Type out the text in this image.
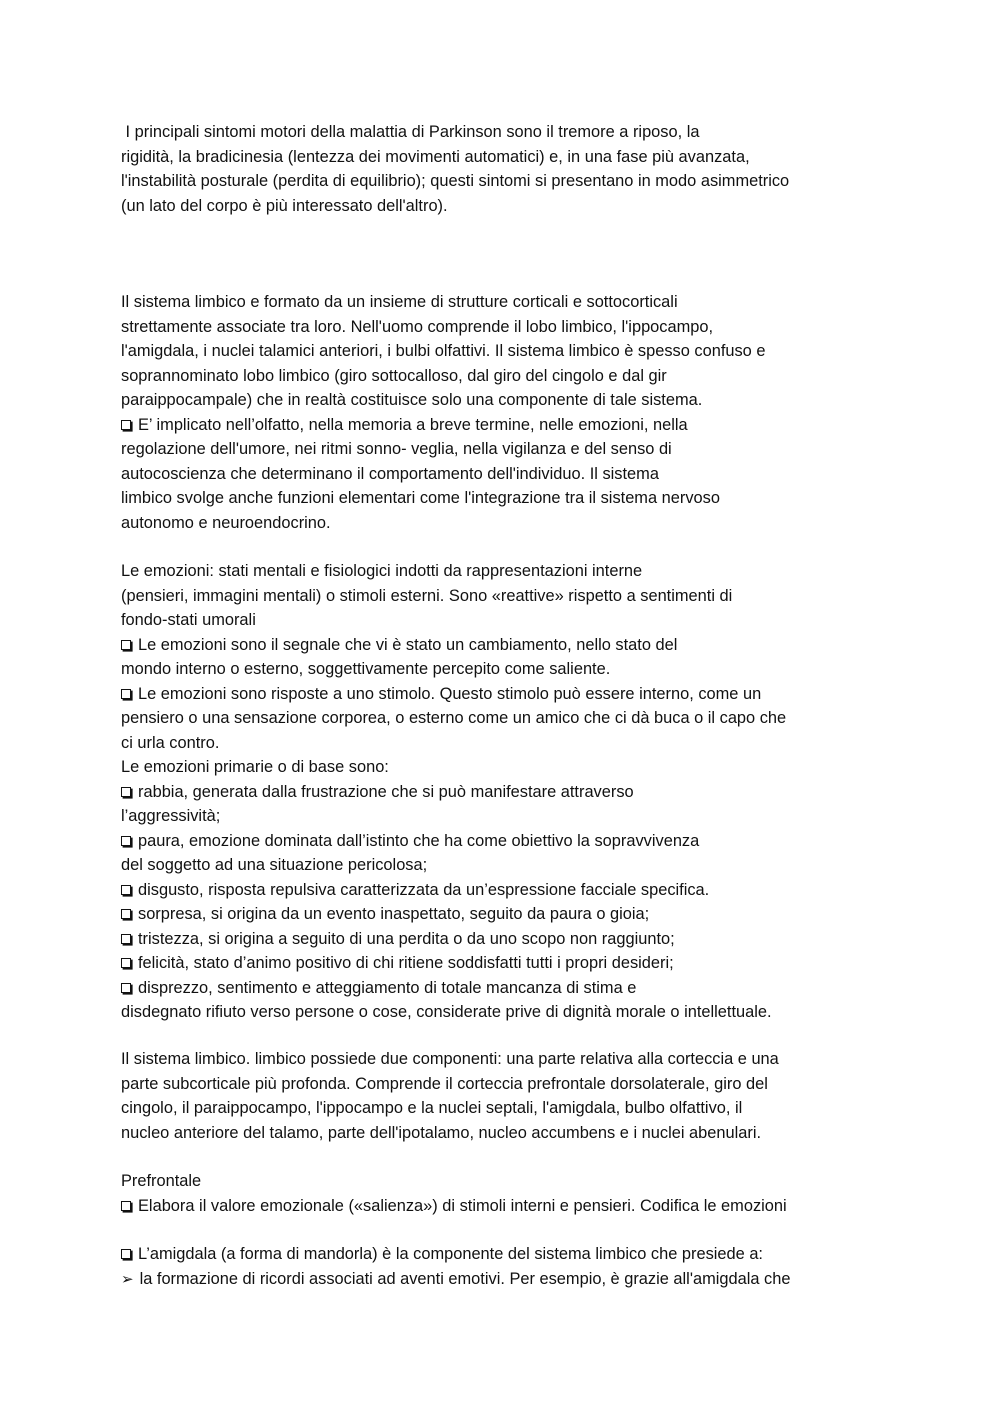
I principali sintomi motori della malattia di Parkinson sono il tremore a riposo, la

rigidità, la bradicinesia (lentezza dei movimenti automatici) e, in una fase più avanzata,

l'instabilità posturale (perdita di equilibrio); questi sintomi si presentano in modo asimmetrico

(un lato del corpo è più interessato dell'altro).

Il sistema limbico e formato da un insieme di strutture corticali e sottocorticali

strettamente associate tra loro. Nell'uomo comprende il lobo limbico, l'ippocampo,

l'amigdala, i nuclei talamici anteriori, i bulbi olfattivi. Il sistema limbico è spesso confuso e

soprannominato lobo limbico (giro sottocalloso, dal giro del cingolo e dal gir

paraippocampale) che in realtà costituisce solo una componente di tale sistema.

E’ implicato nell’olfatto, nella memoria a breve termine, nelle emozioni, nella

regolazione dell'umore, nei ritmi sonno- veglia, nella vigilanza e del senso di

autocoscienza che determinano il comportamento dell'individuo. Il sistema

limbico svolge anche funzioni elementari come l'integrazione tra il sistema nervoso

autonomo e neuroendocrino.

Le emozioni: stati mentali e fisiologici indotti da rappresentazioni interne

(pensieri, immagini mentali) o stimoli esterni. Sono «reattive» rispetto a sentimenti di

fondo-stati umorali

Le emozioni sono il segnale che vi è stato un cambiamento, nello stato del

mondo interno o esterno, soggettivamente percepito come saliente.

Le emozioni sono risposte a uno stimolo. Questo stimolo può essere interno, come un

pensiero o una sensazione corporea, o esterno come un amico che ci dà buca o il capo che

ci urla contro.

Le emozioni primarie o di base sono:

rabbia, generata dalla frustrazione che si può manifestare attraverso

l’aggressività;

paura, emozione dominata dall’istinto che ha come obiettivo la sopravvivenza

del soggetto ad una situazione pericolosa;

disgusto, risposta repulsiva caratterizzata da un’espressione facciale specifica.

sorpresa, si origina da un evento inaspettato, seguito da paura o gioia;

tristezza, si origina a seguito di una perdita o da uno scopo non raggiunto;

felicità, stato d’animo positivo di chi ritiene soddisfatti tutti i propri desideri;

disprezzo, sentimento e atteggiamento di totale mancanza di stima e

disdegnato rifiuto verso persone o cose, considerate prive di dignità morale o intellettuale.

Il sistema limbico. limbico possiede due componenti: una parte relativa alla corteccia e una

parte subcorticale più profonda. Comprende il corteccia prefrontale dorsolaterale, giro del

cingolo, il paraippocampo, l'ippocampo e la nuclei septali, l'amigdala, bulbo olfattivo, il

nucleo anteriore del talamo, parte dell'ipotalamo, nucleo accumbens e i nuclei abenulari.

Prefrontale

Elabora il valore emozionale («salienza») di stimoli interni e pensieri. Codifica le emozioni

L’amigdala (a forma di mandorla) è la componente del sistema limbico che presiede a:

➢ la formazione di ricordi associati ad aventi emotivi. Per esempio, è grazie all'amigdala che
